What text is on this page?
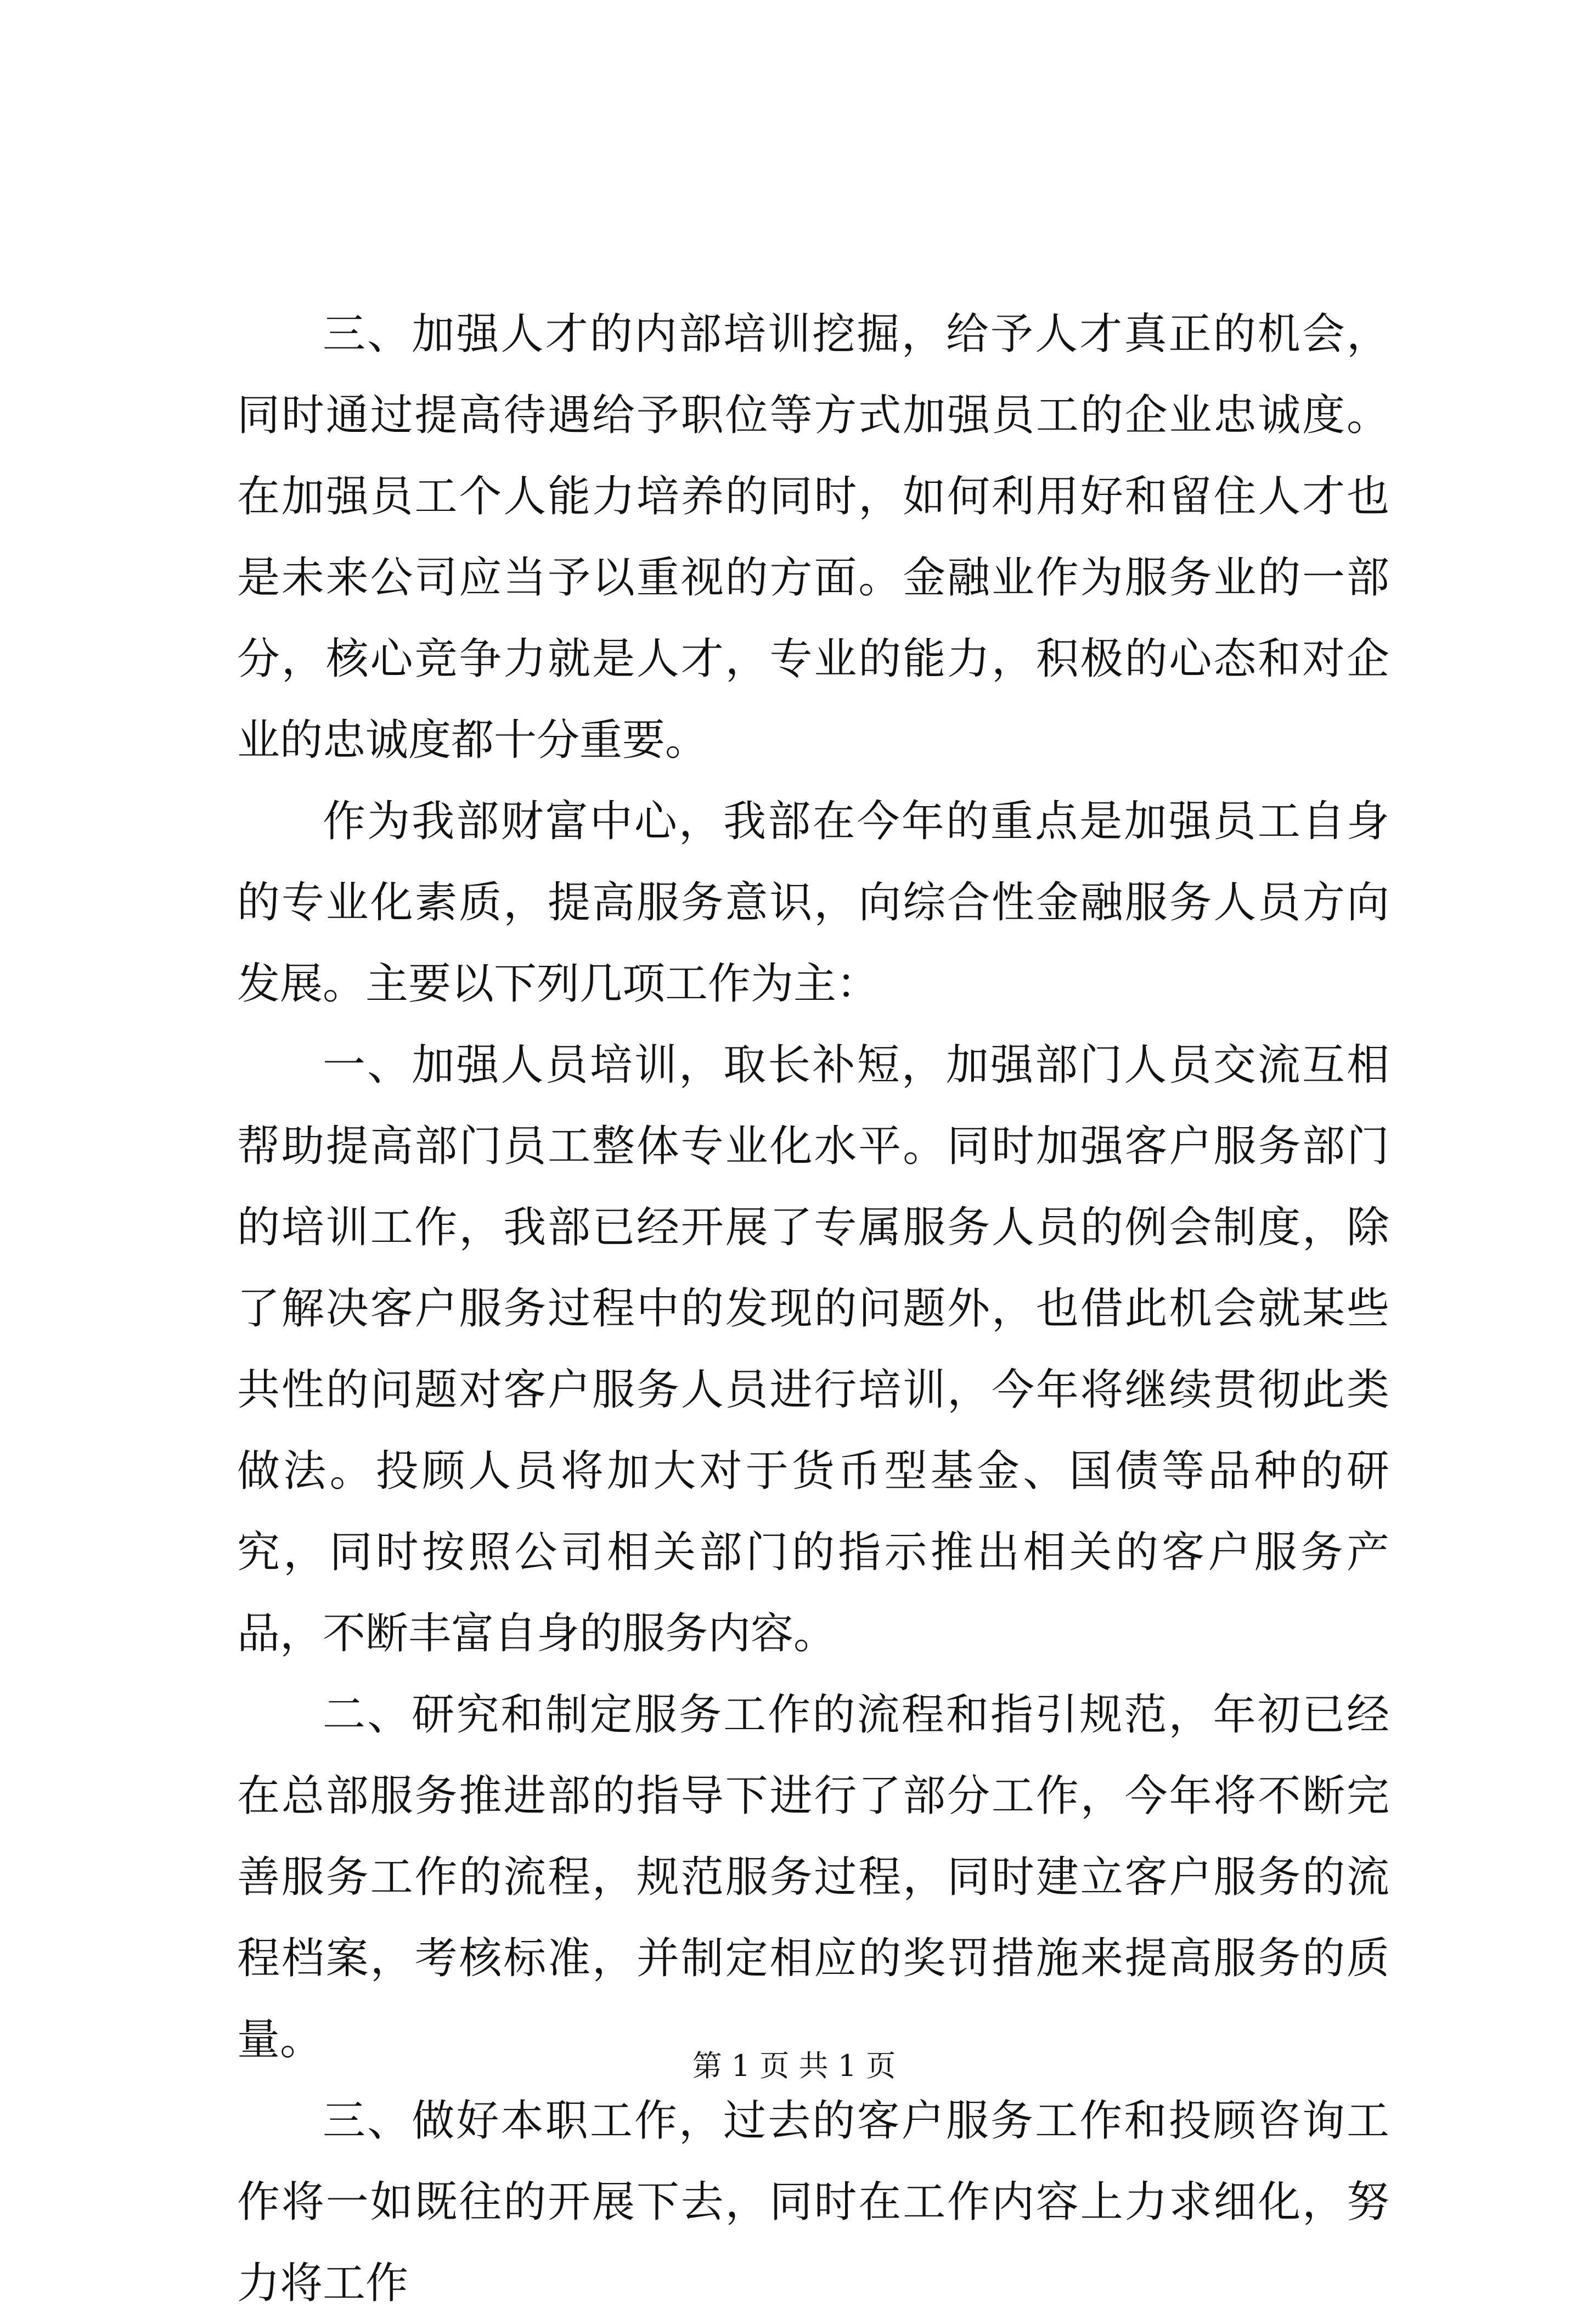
三、加强人才的内部培训挖掘，给予人才真正的机会，同时通过提高待遇给予职位等方式加强员工的企业忠诚度。在加强员工个人能力培养的同时，如何利用好和留住人才也是未来公司应当予以重视的方面。金融业作为服务业的一部分，核心竞争力就是人才，专业的能力，积极的心态和对企业的忠诚度都十分重要。

作为我部财富中心，我部在今年的重点是加强员工自身的专业化素质，提高服务意识，向综合性金融服务人员方向发展。主要以下列几项工作为主：

一、加强人员培训，取长补短，加强部门人员交流互相帮助提高部门员工整体专业化水平。同时加强客户服务部门的培训工作，我部已经开展了专属服务人员的例会制度，除了解决客户服务过程中的发现的问题外，也借此机会就某些共性的问题对客户服务人员进行培训，今年将继续贯彻此类做法。投顾人员将加大对于货币型基金、国债等品种的研究，同时按照公司相关部门的指示推出相关的客户服务产品，不断丰富自身的服务内容。

二、研究和制定服务工作的流程和指引规范，年初已经在总部服务推进部的指导下进行了部分工作，今年将不断完善服务工作的流程，规范服务过程，同时建立客户服务的流程档案，考核标准，并制定相应的奖罚措施来提高服务的质量。

三、做好本职工作，过去的客户服务工作和投顾咨询工作将一如既往的开展下去，同时在工作内容上力求细化，努力将工作

第 1 页 共 1 页
